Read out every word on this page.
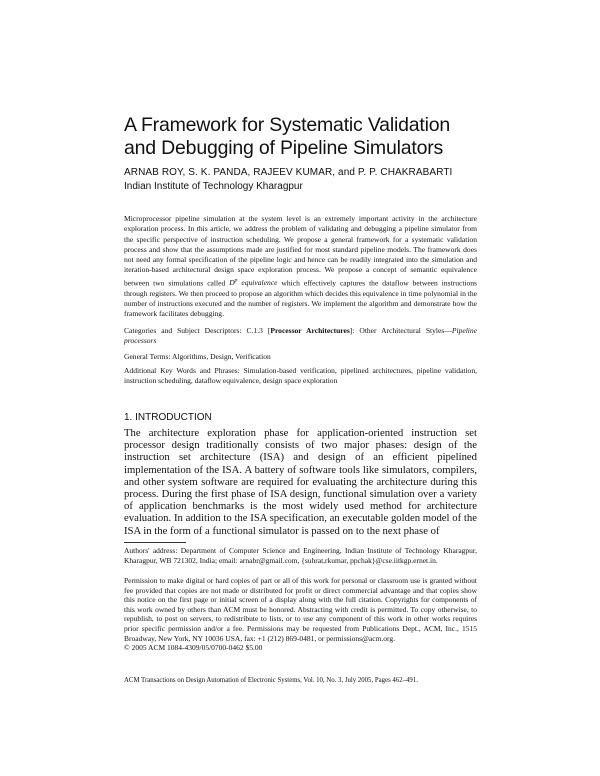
A Framework for Systematic Validation
and Debugging of Pipeline Simulators
ARNAB ROY, S. K. PANDA, RAJEEV KUMAR, and P. P. CHAKRABARTI
Indian Institute of Technology Kharagpur

Microprocessor pipeline simulation at the system level is an extremely important activity in the architecture exploration process. In this article, we address the problem of validating and debugging a pipeline simulator from the specific perspective of instruction scheduling. We propose a general framework for a systematic validation process and show that the assumptions made are justified for most standard pipeline models. The framework does not need any formal specification of the pipeline logic and hence can be readily integrated into the simulation and iteration-based architectural design space exploration process. We propose a concept of semantic equivalence between two simulations called $D^p$ equivalence which effectively captures the dataflow between instructions through registers. We then proceed to propose an algorithm which decides this equivalence in time polynomial in the number of instructions executed and the number of registers. We implement the algorithm and demonstrate how the framework facilitates debugging.

Categories and Subject Descriptors: C.1.3 [Processor Architectures]: Other Architectural Styles—Pipeline processors

General Terms: Algorithms, Design, Verification

Additional Key Words and Phrases: Simulation-based verification, pipelined architectures, pipeline validation, instruction scheduling, dataflow equivalence, design space exploration

1. INTRODUCTION

The architecture exploration phase for application-oriented instruction set processor design traditionally consists of two major phases: design of the instruction set architecture (ISA) and design of an efficient pipelined implementation of the ISA. A battery of software tools like simulators, compilers, and other system software are required for evaluating the architecture during this process. During the first phase of ISA design, functional simulation over a variety of application benchmarks is the most widely used method for architecture evaluation. In addition to the ISA specification, an executable golden model of the ISA in the form of a functional simulator is passed on to the next phase of

Authors' address: Department of Computer Science and Engineering, Indian Institute of Technology Kharagpur, Kharagpur, WB 721302, India; email: arnabr@gmail.com, {suhrat,rkumar, ppchak}@cse.iitkgp.ernet.in.

Permission to make digital or hard copies of part or all of this work for personal or classroom use is granted without fee provided that copies are not made or distributed for profit or direct commercial advantage and that copies show this notice on the first page or initial screen of a display along with the full citation. Copyrights for components of this work owned by others than ACM must be honored. Abstracting with credit is permitted. To copy otherwise, to republish, to post on servers, to redistribute to lists, or to use any component of this work in other works requires prior specific permission and/or a fee. Permissions may be requested from Publications Dept., ACM, Inc., 1515 Broadway, New York, NY 10036 USA, fax: +1 (212) 869-0481, or permissions@acm.org.
© 2005 ACM 1084-4309/05/0700-0462 $5.00

ACM Transactions on Design Automation of Electronic Systems, Vol. 10, No. 3, July 2005, Pages 462–491.
